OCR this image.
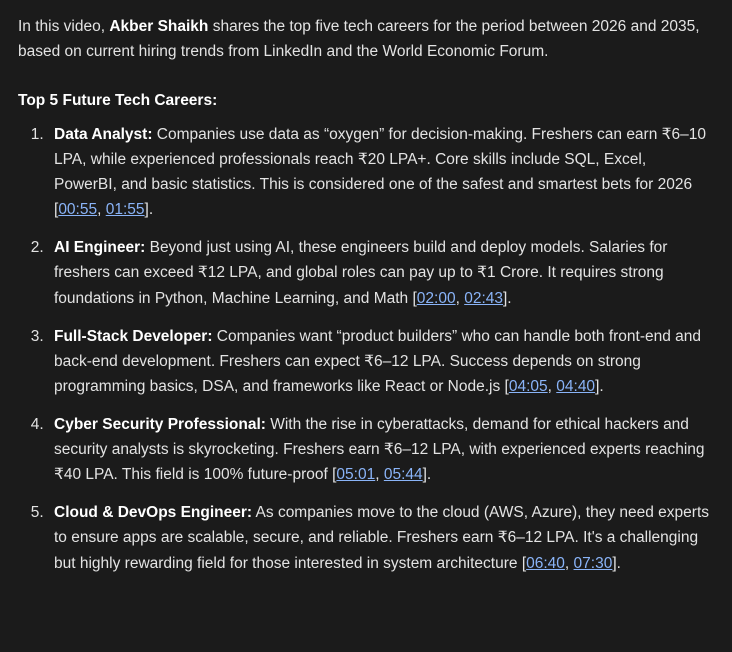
In this video, Akber Shaikh shares the top five tech careers for the period between 2026 and 2035, based on current hiring trends from LinkedIn and the World Economic Forum.

Top 5 Future Tech Careers:
1. Data Analyst: Companies use data as “oxygen” for decision-making. Freshers can earn ₹6–10 LPA, while experienced professionals reach ₹20 LPA+. Core skills include SQL, Excel, PowerBI, and basic statistics. This is considered one of the safest and smartest bets for 2026 [00:55, 01:55].
2. AI Engineer: Beyond just using AI, these engineers build and deploy models. Salaries for freshers can exceed ₹12 LPA, and global roles can pay up to ₹1 Crore. It requires strong foundations in Python, Machine Learning, and Math [02:00, 02:43].
3. Full-Stack Developer: Companies want “product builders” who can handle both front-end and back-end development. Freshers can expect ₹6–12 LPA. Success depends on strong programming basics, DSA, and frameworks like React or Node.js [04:05, 04:40].
4. Cyber Security Professional: With the rise in cyberattacks, demand for ethical hackers and security analysts is skyrocketing. Freshers earn ₹6–12 LPA, with experienced experts reaching ₹40 LPA. This field is 100% future-proof [05:01, 05:44].
5. Cloud & DevOps Engineer: As companies move to the cloud (AWS, Azure), they need experts to ensure apps are scalable, secure, and reliable. Freshers earn ₹6–12 LPA. It's a challenging but highly rewarding field for those interested in system architecture [06:40, 07:30].
